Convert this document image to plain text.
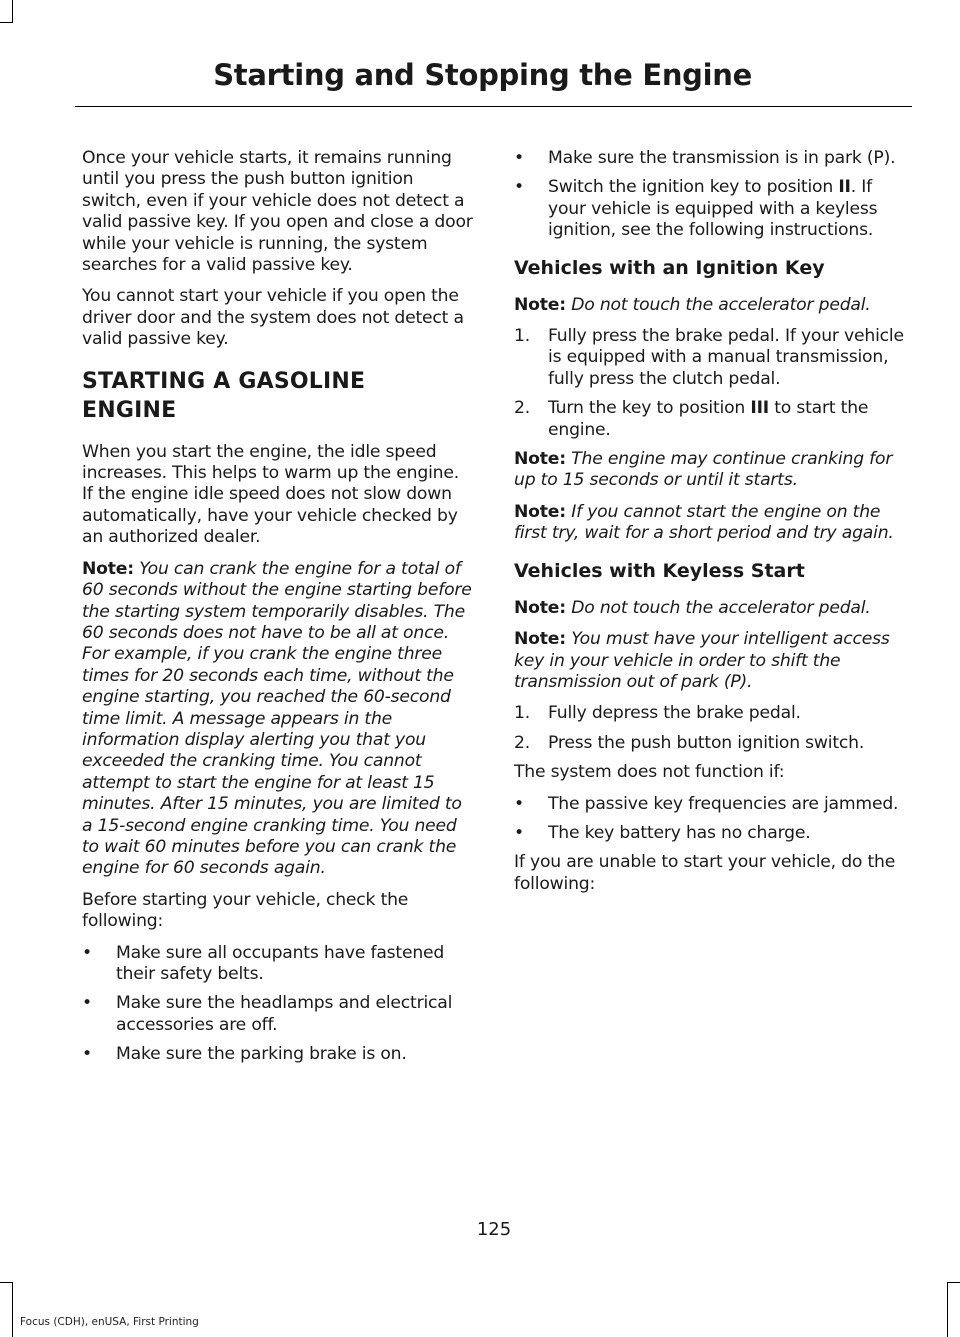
Starting and Stopping the Engine

Once your vehicle starts, it remains running until you press the push button ignition switch, even if your vehicle does not detect a valid passive key. If you open and close a door while your vehicle is running, the system searches for a valid passive key.

You cannot start your vehicle if you open the driver door and the system does not detect a valid passive key.

STARTING A GASOLINE
ENGINE

When you start the engine, the idle speed increases. This helps to warm up the engine. If the engine idle speed does not slow down automatically, have your vehicle checked by an authorized dealer.

Note: You can crank the engine for a total of 60 seconds without the engine starting before the starting system temporarily disables. The 60 seconds does not have to be all at once. For example, if you crank the engine three times for 20 seconds each time, without the engine starting, you reached the 60-second time limit. A message appears in the information display alerting you that you exceeded the cranking time. You cannot attempt to start the engine for at least 15 minutes. After 15 minutes, you are limited to a 15-second engine cranking time. You need to wait 60 minutes before you can crank the engine for 60 seconds again.

Before starting your vehicle, check the following:

• Make sure all occupants have fastened their safety belts.
• Make sure the headlamps and electrical accessories are off.
• Make sure the parking brake is on.
• Make sure the transmission is in park (P).
• Switch the ignition key to position II. If your vehicle is equipped with a keyless ignition, see the following instructions.
Vehicles with an Ignition Key

Note: Do not touch the accelerator pedal.

1. Fully press the brake pedal. If your vehicle is equipped with a manual transmission, fully press the clutch pedal.
2. Turn the key to position III to start the engine.

Note: The engine may continue cranking for up to 15 seconds or until it starts.

Note: If you cannot start the engine on the first try, wait for a short period and try again.

Vehicles with Keyless Start

Note: Do not touch the accelerator pedal.

Note: You must have your intelligent access key in your vehicle in order to shift the transmission out of park (P).

1. Fully depress the brake pedal.
2. Press the push button ignition switch.

The system does not function if:

• The passive key frequencies are jammed.
• The key battery has no charge.

If you are unable to start your vehicle, do the following:

125
Focus (CDH), enUSA, First Printing
